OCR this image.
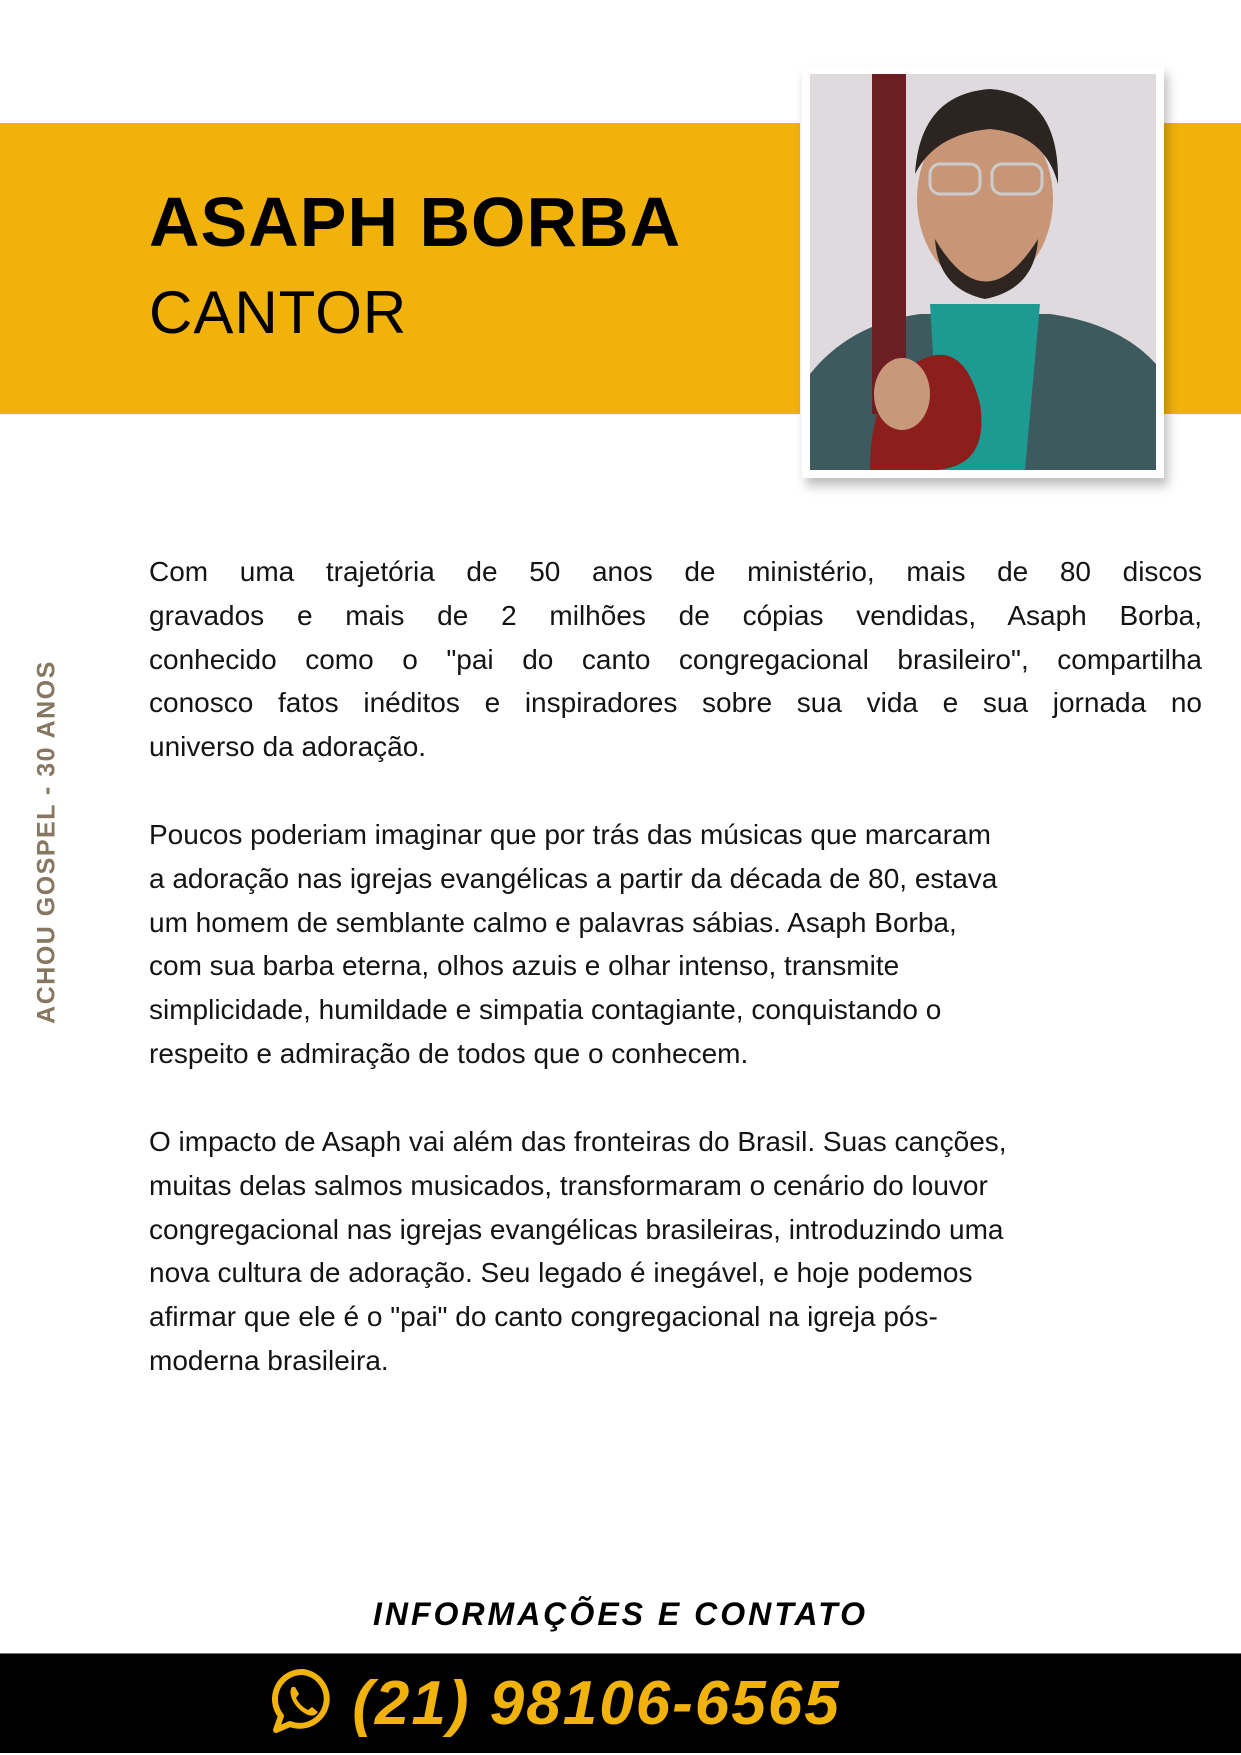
ASAPH BORBA
CANTOR
ACHOU GOSPEL - 30 ANOS
Com uma trajetória de 50 anos de ministério, mais de 80 discos
gravados e mais de 2 milhões de cópias vendidas, Asaph Borba,
conhecido como o "pai do canto congregacional brasileiro", compartilha
conosco fatos inéditos e inspiradores sobre sua vida e sua jornada no
universo da adoração.
Poucos poderiam imaginar que por trás das músicas que marcaram
a adoração nas igrejas evangélicas a partir da década de 80, estava
um homem de semblante calmo e palavras sábias. Asaph Borba,
com sua barba eterna, olhos azuis e olhar intenso, transmite
simplicidade, humildade e simpatia contagiante, conquistando o
respeito e admiração de todos que o conhecem.
O impacto de Asaph vai além das fronteiras do Brasil. Suas canções,
muitas delas salmos musicados, transformaram o cenário do louvor
congregacional nas igrejas evangélicas brasileiras, introduzindo uma
nova cultura de adoração. Seu legado é inegável, e hoje podemos
afirmar que ele é o "pai" do canto congregacional na igreja pós-
moderna brasileira.
INFORMAÇÕES E CONTATO
(21) 98106-6565
